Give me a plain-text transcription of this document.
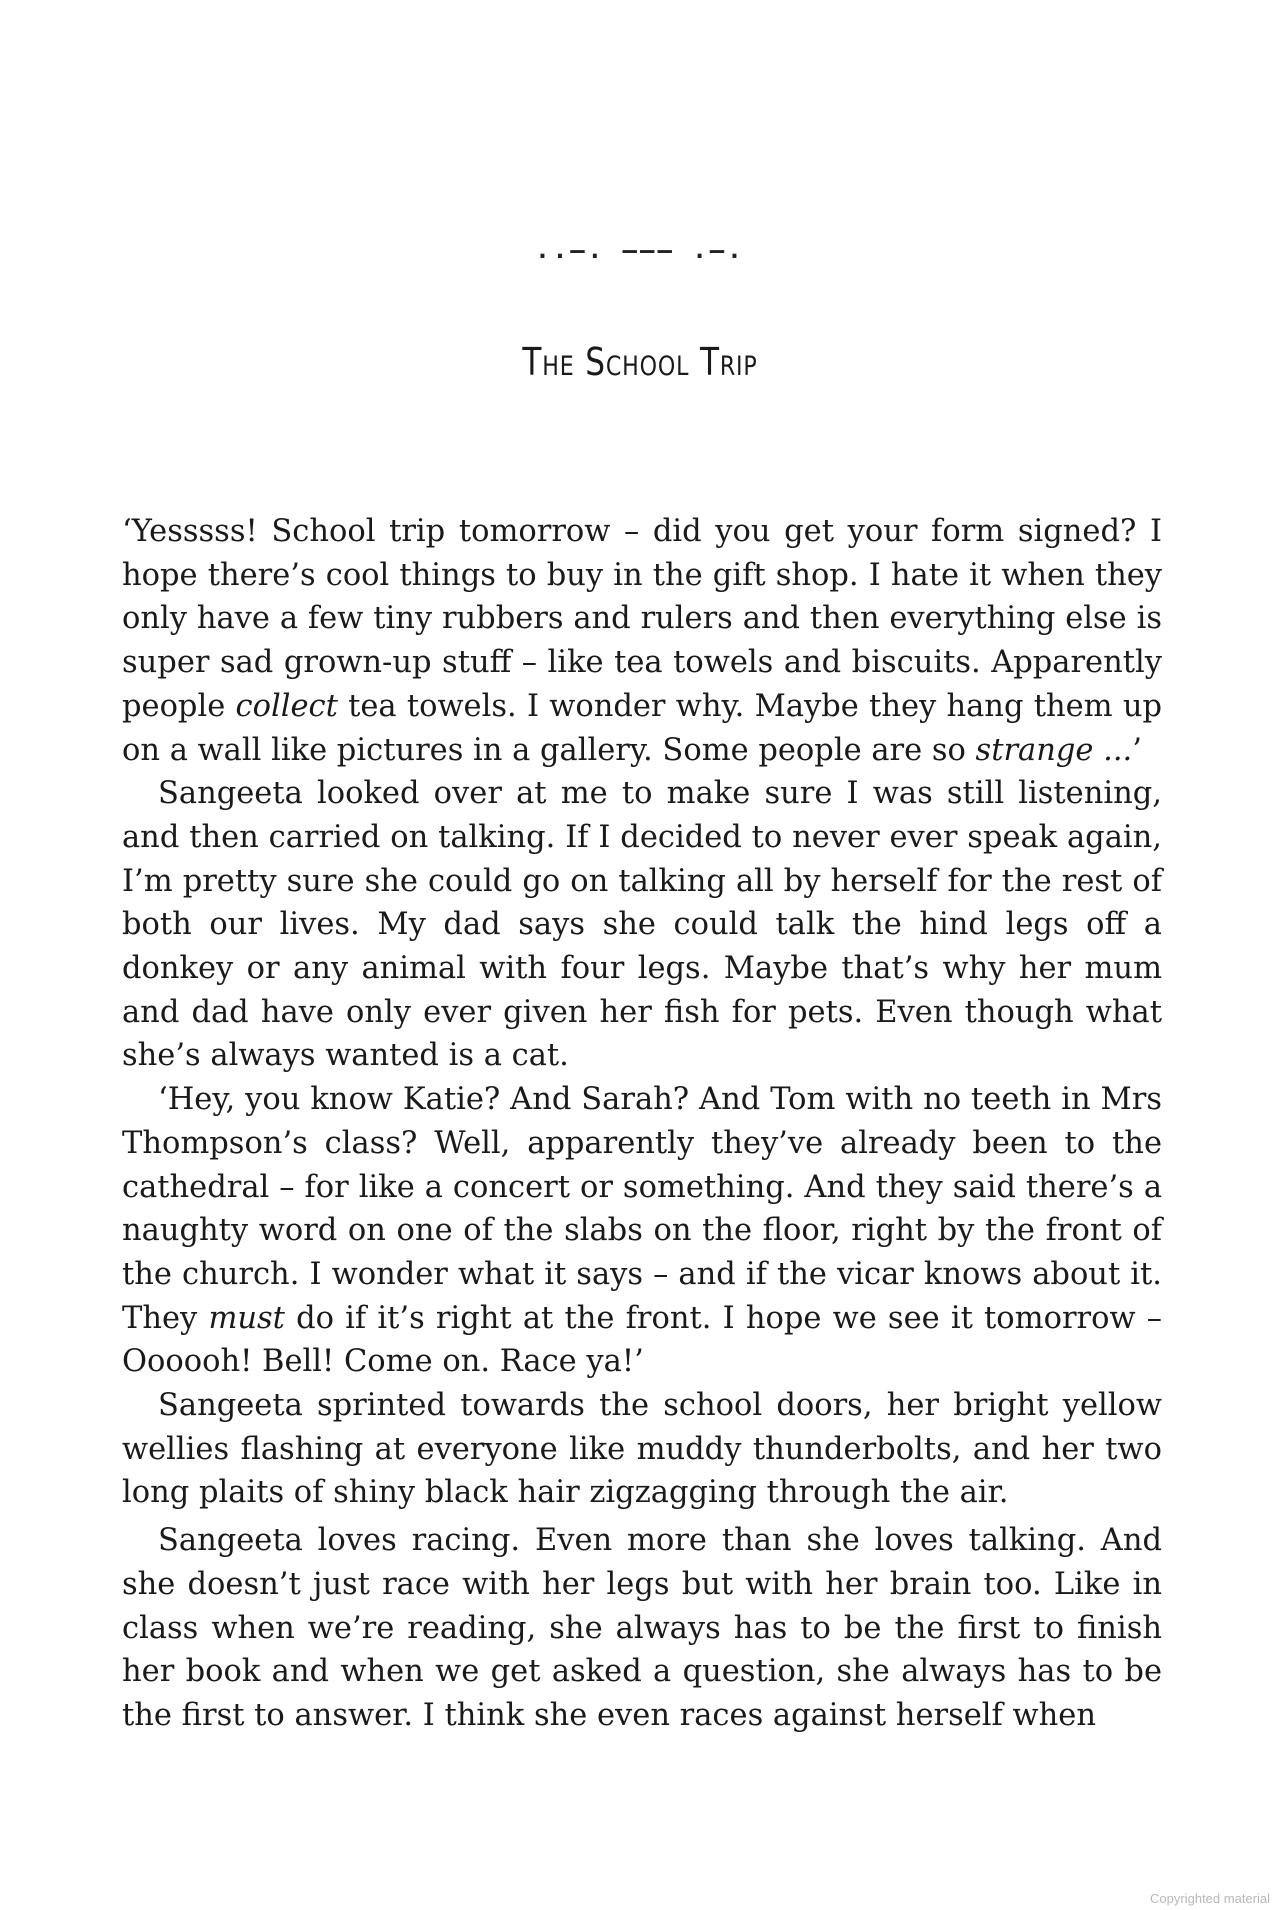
..—. ——— .—.
The School Trip

‘Yesssss! School trip tomorrow – did you get your form signed? I hope there’s cool things to buy in the gift shop. I hate it when they only have a few tiny rubbers and rulers and then everything else is super sad grown-up stuff – like tea towels and biscuits. Apparently people collect tea towels. I wonder why. Maybe they hang them up on a wall like pictures in a gallery. Some people are so strange ...’

Sangeeta looked over at me to make sure I was still listening, and then carried on talking. If I decided to never ever speak again, I’m pretty sure she could go on talking all by herself for the rest of both our lives. My dad says she could talk the hind legs off a donkey or any animal with four legs. Maybe that’s why her mum and dad have only ever given her fish for pets. Even though what she’s always wanted is a cat.

‘Hey, you know Katie? And Sarah? And Tom with no teeth in Mrs Thompson’s class? Well, apparently they’ve already been to the cathedral – for like a concert or something. And they said there’s a naughty word on one of the slabs on the floor, right by the front of the church. I wonder what it says – and if the vicar knows about it. They must do if it’s right at the front. I hope we see it tomorrow – Oooooh! Bell! Come on. Race ya!’

Sangeeta sprinted towards the school doors, her bright yellow wellies flashing at everyone like muddy thunderbolts, and her two long plaits of shiny black hair zigzagging through the air.

Sangeeta loves racing. Even more than she loves talking. And she doesn’t just race with her legs but with her brain too. Like in class when we’re reading, she always has to be the first to finish her book and when we get asked a question, she always has to be the first to answer. I think she even races against herself when

Copyrighted material
